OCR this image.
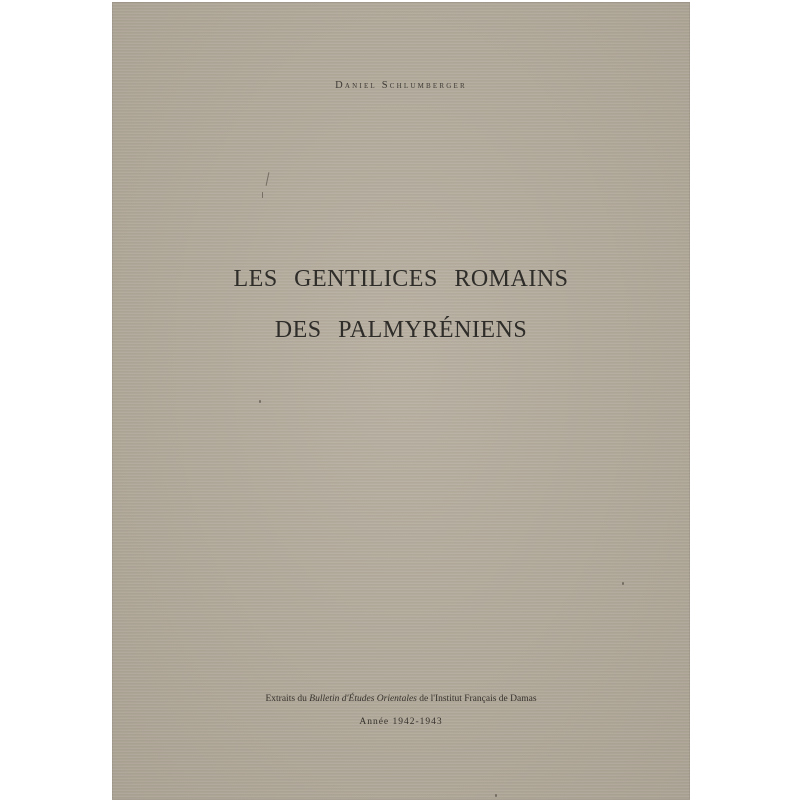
Daniel Schlumberger
LES GENTILICES ROMAINS
DES PALMYRÉNIENS
Extraits du Bulletin d'Études Orientales de l'Institut Français de Damas
Année 1942-1943
